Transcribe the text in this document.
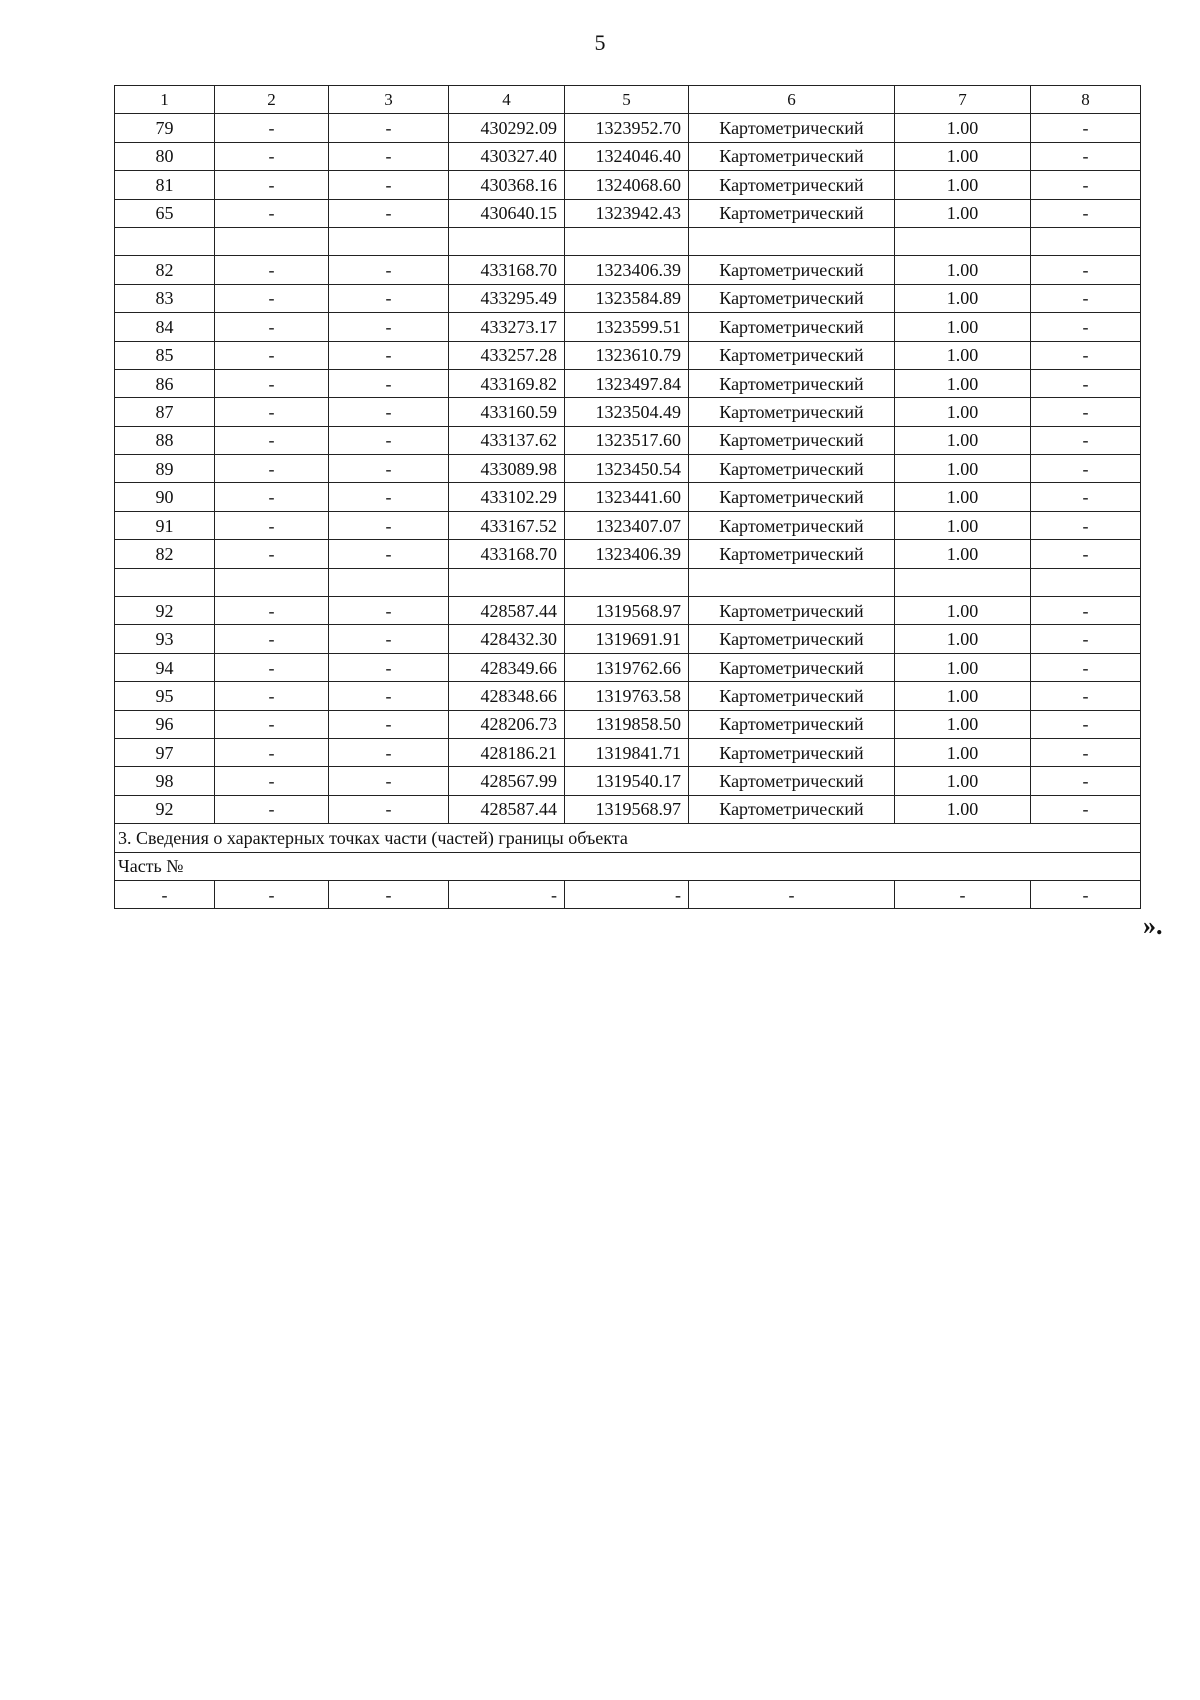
5
1	2	3	4	5	6	7	8
79	-	-	430292.09	1323952.70	Картометрический	1.00	-
80	-	-	430327.40	1324046.40	Картометрический	1.00	-
81	-	-	430368.16	1324068.60	Картометрический	1.00	-
65	-	-	430640.15	1323942.43	Картометрический	1.00	-

82	-	-	433168.70	1323406.39	Картометрический	1.00	-
83	-	-	433295.49	1323584.89	Картометрический	1.00	-
84	-	-	433273.17	1323599.51	Картометрический	1.00	-
85	-	-	433257.28	1323610.79	Картометрический	1.00	-
86	-	-	433169.82	1323497.84	Картометрический	1.00	-
87	-	-	433160.59	1323504.49	Картометрический	1.00	-
88	-	-	433137.62	1323517.60	Картометрический	1.00	-
89	-	-	433089.98	1323450.54	Картометрический	1.00	-
90	-	-	433102.29	1323441.60	Картометрический	1.00	-
91	-	-	433167.52	1323407.07	Картометрический	1.00	-
82	-	-	433168.70	1323406.39	Картометрический	1.00	-

92	-	-	428587.44	1319568.97	Картометрический	1.00	-
93	-	-	428432.30	1319691.91	Картометрический	1.00	-
94	-	-	428349.66	1319762.66	Картометрический	1.00	-
95	-	-	428348.66	1319763.58	Картометрический	1.00	-
96	-	-	428206.73	1319858.50	Картометрический	1.00	-
97	-	-	428186.21	1319841.71	Картометрический	1.00	-
98	-	-	428567.99	1319540.17	Картометрический	1.00	-
92	-	-	428587.44	1319568.97	Картометрический	1.00	-
3. Сведения о характерных точках части (частей) границы объекта							
Часть №							
-	-	-	-	-	-	-	-
».
